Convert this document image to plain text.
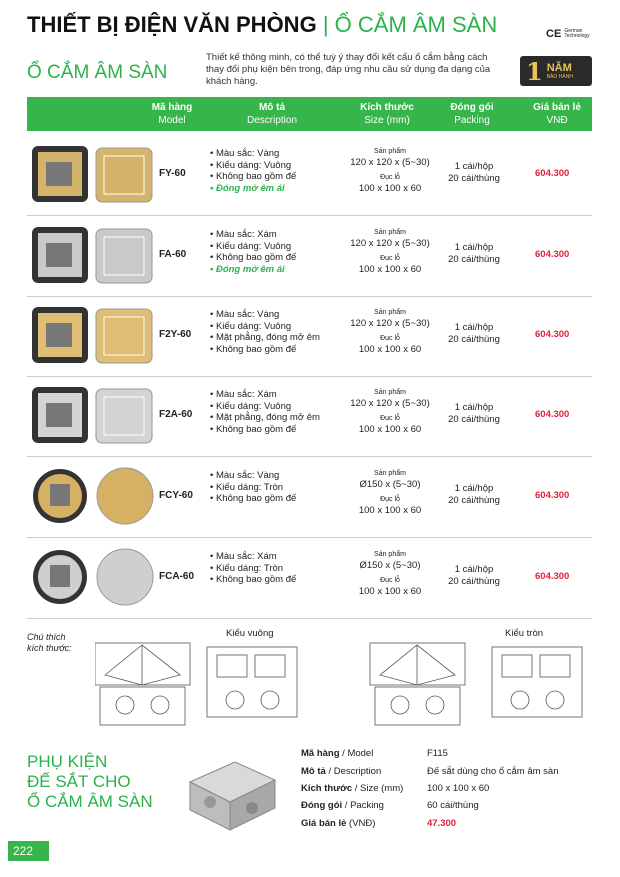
THIẾT BỊ ĐIỆN VĂN PHÒNG | Ổ CẮM ÂM SÀN	CE German Technology
Ổ CẮM ÂM SÀN
Thiết kế thông minh, có thể tuỳ ý thay đổi kết cấu ổ cắm bằng cách thay đổi phụ kiện bên trong, đáp ứng nhu cầu sử dụng đa dạng của khách hàng.	1 NĂM
BẢO HÀNH
Mã hàng
Model
Mô tả
Description
Kích thước
Size (mm)
Đóng gói
Packing
Giá bán lẻ
VNĐ
FY-60
• Màu sắc: Vàng
• Kiểu dáng: Vuông
• Không bao gồm đế
• Đóng mở êm ái
Sản phẩm
120 x 120 x (5~30)
Đục lỗ
100 x 100 x 60
1 cái/hộp
20 cái/thùng	604.300
FA-60
• Màu sắc: Xám
• Kiểu dáng: Vuông
• Không bao gồm đế
• Đóng mở êm ái
Sản phẩm
120 x 120 x (5~30)
Đục lỗ
100 x 100 x 60
1 cái/hộp
20 cái/thùng	604.300
F2Y-60
• Màu sắc: Vàng
• Kiểu dáng: Vuông
• Mặt phẳng, đóng mở êm
• Không bao gồm đế
Sản phẩm
120 x 120 x (5~30)
Đục lỗ
100 x 100 x 60
1 cái/hộp
20 cái/thùng	604.300
F2A-60
• Màu sắc: Xám
• Kiểu dáng: Vuông
• Mặt phẳng, đóng mở êm
• Không bao gồm đế
Sản phẩm
120 x 120 x (5~30)
Đục lỗ
100 x 100 x 60
1 cái/hộp
20 cái/thùng	604.300
FCY-60
• Màu sắc: Vàng
• Kiểu dáng: Tròn
• Không bao gồm đế
Sản phẩm
Ø150 x (5~30)
Đục lỗ
100 x 100 x 60
1 cái/hộp
20 cái/thùng	604.300
FCA-60
• Màu sắc: Xám
• Kiểu dáng: Tròn
• Không bao gồm đế
Sản phẩm
Ø150 x (5~30)
Đục lỗ
100 x 100 x 60
1 cái/hộp
20 cái/thùng	604.300
Chú thích
kích thước:
Kiểu vuông	Kiểu tròn
PHỤ KIỆN
ĐẾ SẮT CHO
Ổ CẮM ÂM SÀN
Mã hàng / Model	F115
Mô tả / Description	Đế sắt dùng cho ổ cắm âm sàn
Kích thước / Size (mm) 100 x 100 x 60
Đóng gói / Packing	60 cái/thùng
Giá bán lẻ (VNĐ)	47.300
222
